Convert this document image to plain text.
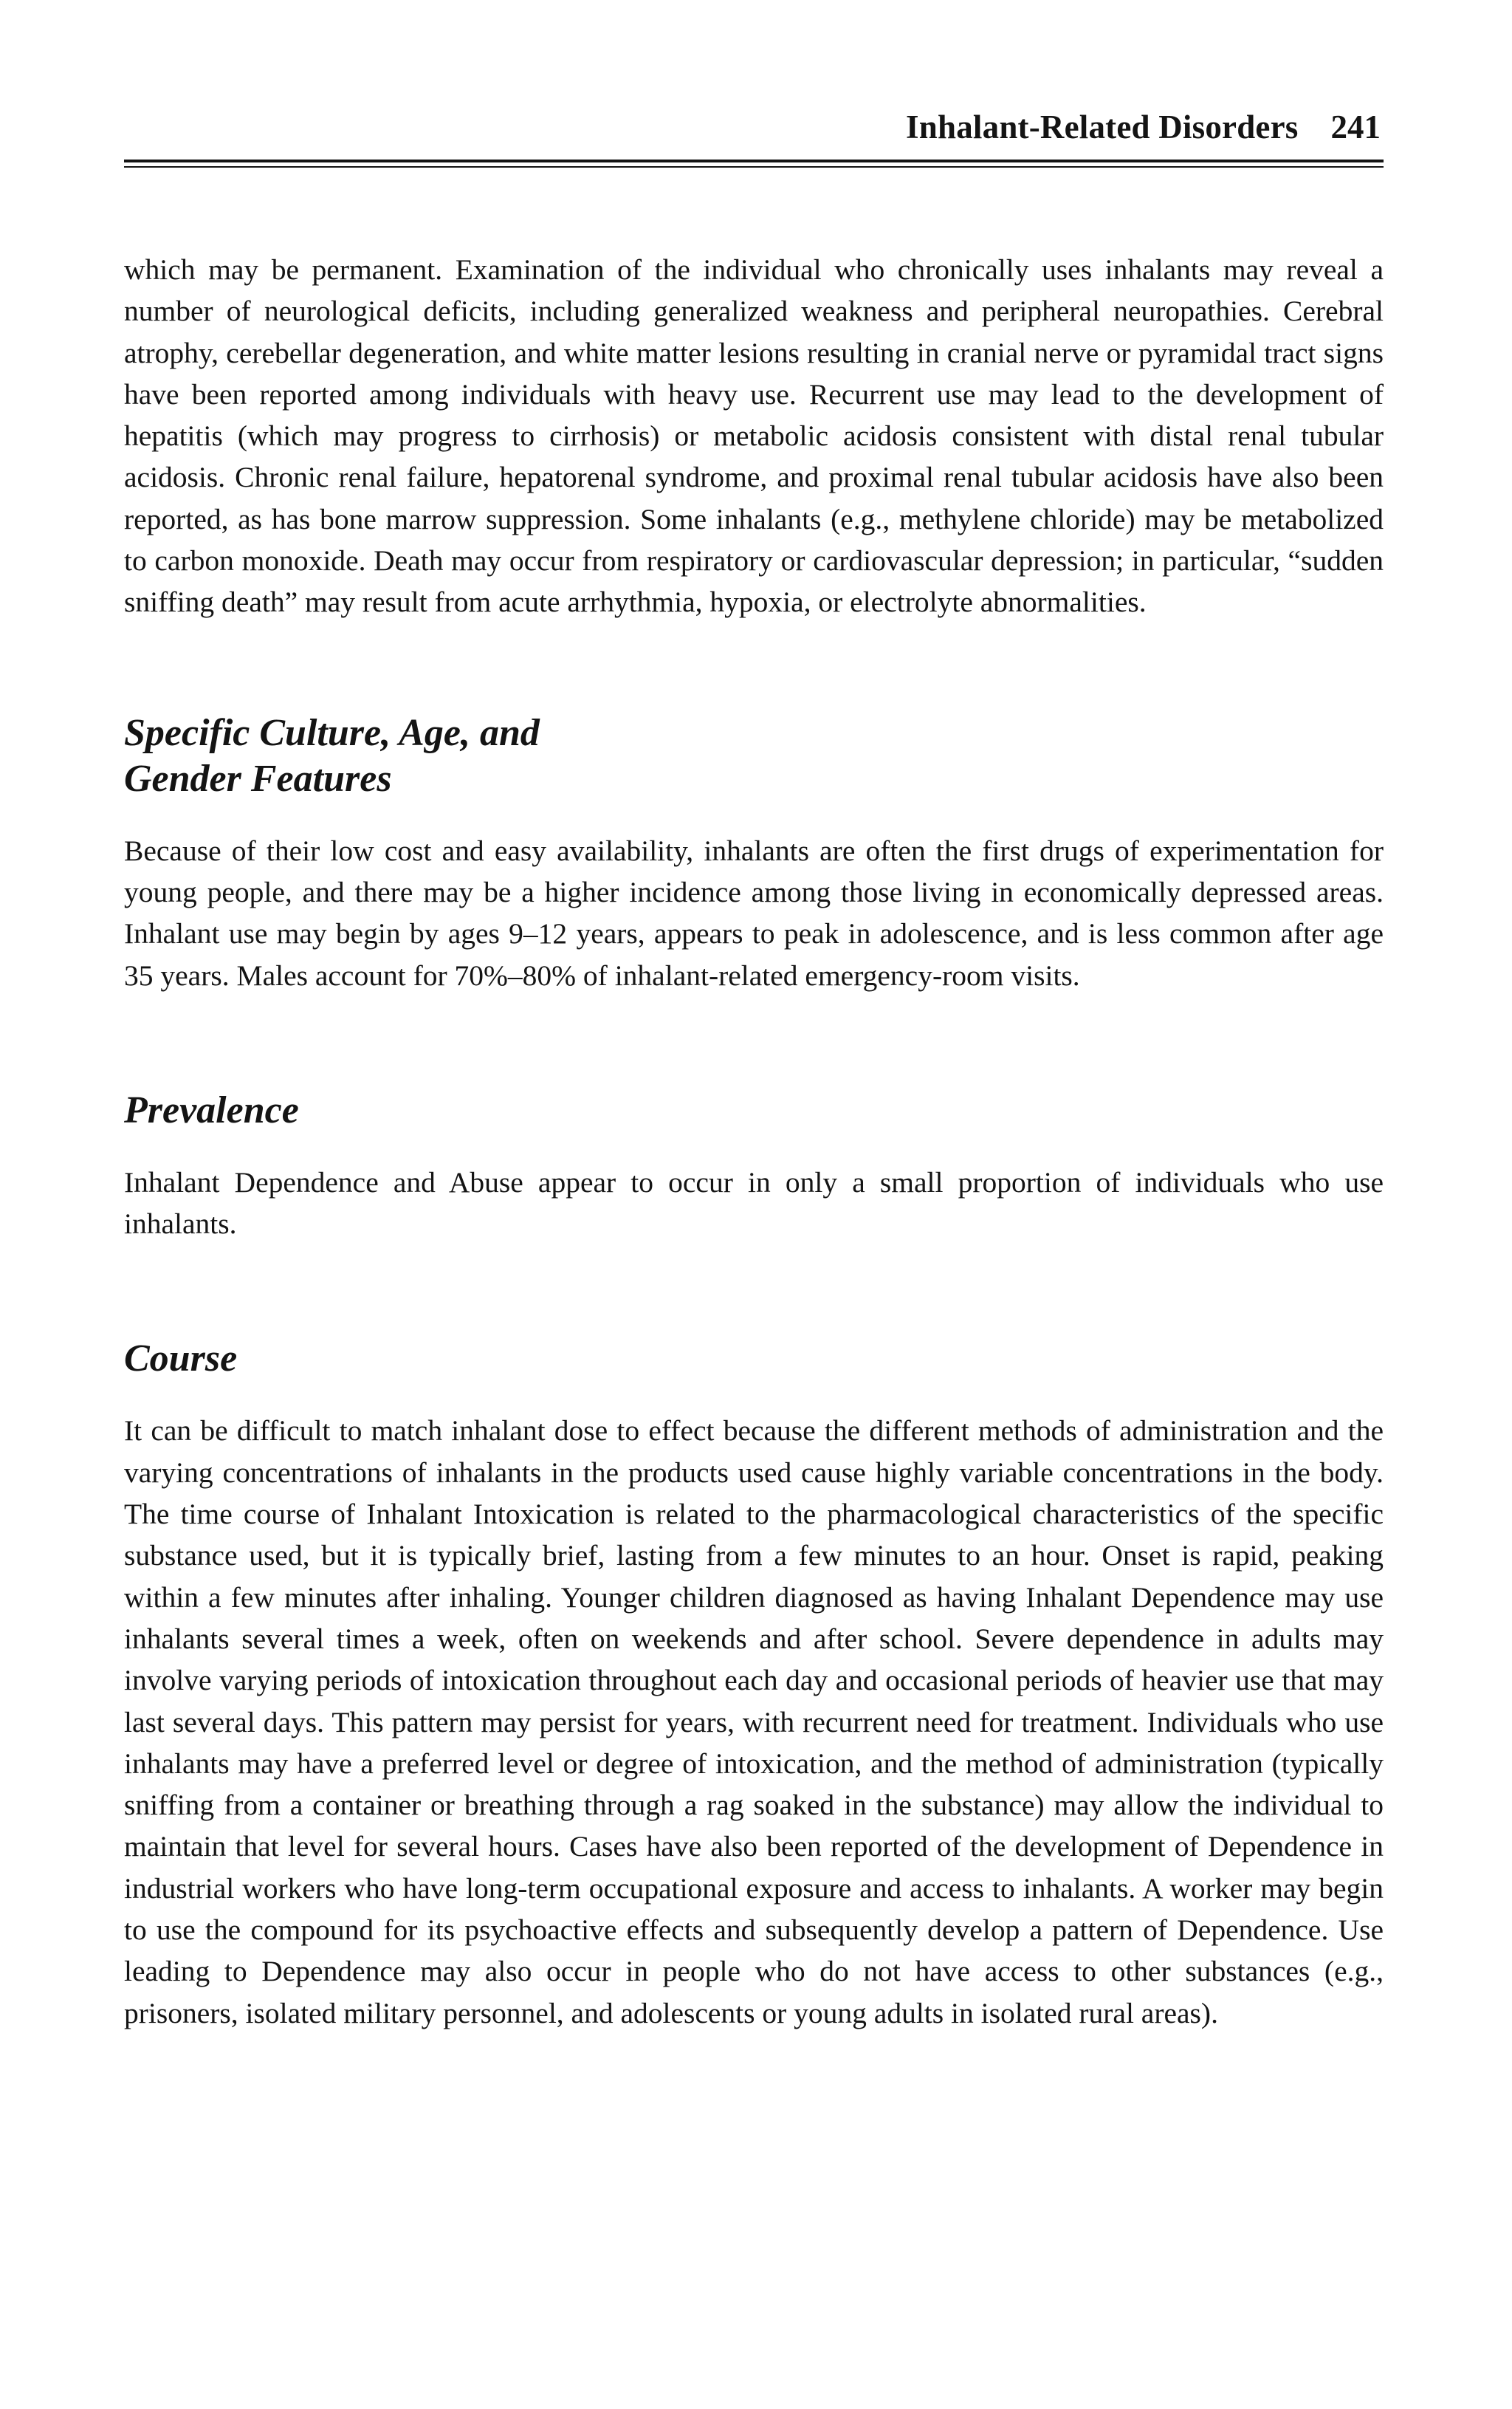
Inhalant-Related Disorders 241

which may be permanent. Examination of the individual who chronically uses inhalants may reveal a number of neurological deficits, including generalized weakness and peripheral neuropathies. Cerebral atrophy, cerebellar degeneration, and white matter lesions resulting in cranial nerve or pyramidal tract signs have been reported among individuals with heavy use. Recurrent use may lead to the development of hepatitis (which may progress to cirrhosis) or metabolic acidosis consistent with distal renal tubular acidosis. Chronic renal failure, hepatorenal syndrome, and proximal renal tubular acidosis have also been reported, as has bone marrow suppression. Some inhalants (e.g., methylene chloride) may be metabolized to carbon monoxide. Death may occur from respiratory or cardiovascular depression; in particular, “sudden sniffing death” may result from acute arrhythmia, hypoxia, or electrolyte abnormalities.

Specific Culture, Age, and
Gender Features

Because of their low cost and easy availability, inhalants are often the first drugs of experimentation for young people, and there may be a higher incidence among those living in economically depressed areas. Inhalant use may begin by ages 9–12 years, appears to peak in adolescence, and is less common after age 35 years. Males account for 70%–80% of inhalant-related emergency-room visits.

Prevalence

Inhalant Dependence and Abuse appear to occur in only a small proportion of individuals who use inhalants.

Course

It can be difficult to match inhalant dose to effect because the different methods of administration and the varying concentrations of inhalants in the products used cause highly variable concentrations in the body. The time course of Inhalant Intoxication is related to the pharmacological characteristics of the specific substance used, but it is typically brief, lasting from a few minutes to an hour. Onset is rapid, peaking within a few minutes after inhaling. Younger children diagnosed as having Inhalant Dependence may use inhalants several times a week, often on weekends and after school. Severe dependence in adults may involve varying periods of intoxication throughout each day and occasional periods of heavier use that may last several days. This pattern may persist for years, with recurrent need for treatment. Individuals who use inhalants may have a preferred level or degree of intoxication, and the method of administration (typically sniffing from a container or breathing through a rag soaked in the substance) may allow the individual to maintain that level for several hours. Cases have also been reported of the development of Dependence in industrial workers who have long-term occupational exposure and access to inhalants. A worker may begin to use the compound for its psychoactive effects and subsequently develop a pattern of Dependence. Use leading to Dependence may also occur in people who do not have access to other substances (e.g., prisoners, isolated military personnel, and adolescents or young adults in isolated rural areas).
